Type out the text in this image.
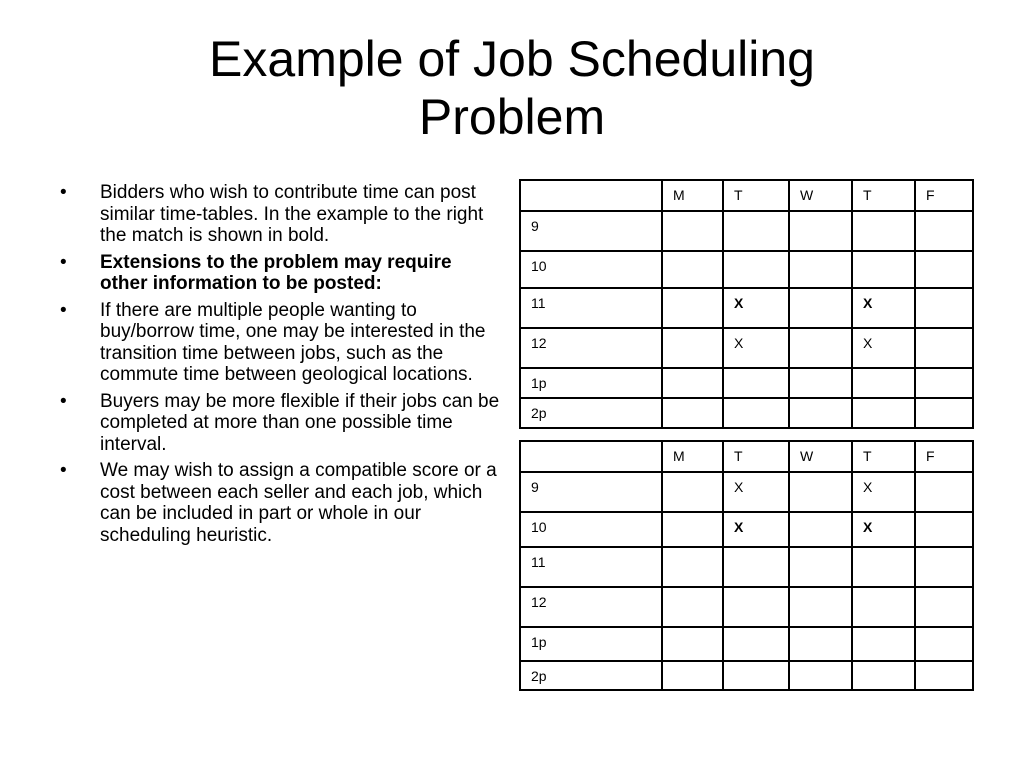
Example of Job Scheduling
Problem
• Bidders who wish to contribute time can post similar time-tables. In the example to the right the match is shown in bold.
• Extensions to the problem may require other information to be posted:
• If there are multiple people wanting to buy/borrow time, one may be interested in the transition time between jobs, such as the commute time between geological locations.
• Buyers may be more flexible if their jobs can be completed at more than one possible time interval.
• We may wish to assign a compatible score or a cost between each seller and each job, which can be included in part or whole in our scheduling heuristic.
	M	T	W	T	F
9					
10					
11		X		X	
12		X		X	
1p					
2p					
	M	T	W	T	F
9		X		X	
10		X		X	
11					
12					
1p					
2p					
